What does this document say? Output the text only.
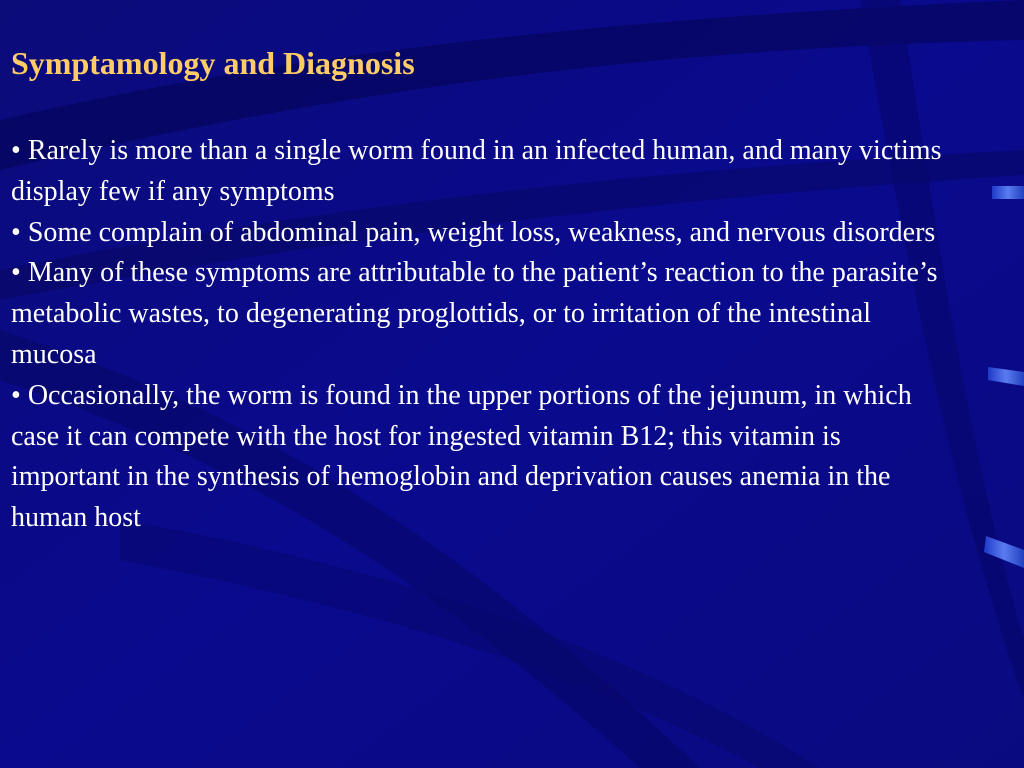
Symptamology and Diagnosis
• Rarely is more than a single worm found in an infected human, and many victims display few if any symptoms
• Some complain of abdominal pain, weight loss, weakness, and nervous disorders
• Many of these symptoms are attributable to the patient’s reaction to the parasite’s metabolic wastes, to degenerating proglottids, or to irritation of the intestinal mucosa
• Occasionally, the worm is found in the upper portions of the jejunum, in which case it can compete with the host for ingested vitamin B12; this vitamin is important in the synthesis of hemoglobin and deprivation causes anemia in the human host
